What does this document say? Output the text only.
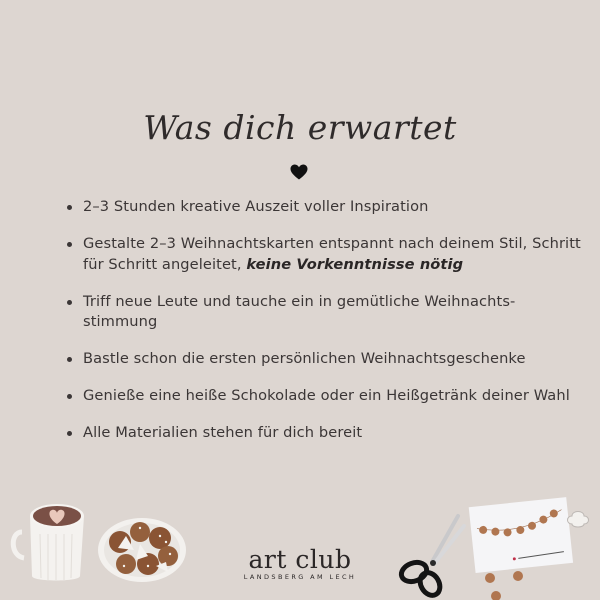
Was dich erwartet
2–3 Stunden kreative Auszeit voller Inspiration
Gestalte 2–3 Weihnachtskarten entspannt nach deinem Stil, Schritt für Schritt angeleitet, keine Vorkenntnisse nötig
Triff neue Leute und tauche ein in gemütliche Weihnachts-stimmung
Bastle schon die ersten persönlichen Weihnachtsgeschenke
Genieße eine heiße Schokolade oder ein Heißgetränk deiner Wahl
Alle Materialien stehen für dich bereit
art club
LANDSBERG AM LECH
